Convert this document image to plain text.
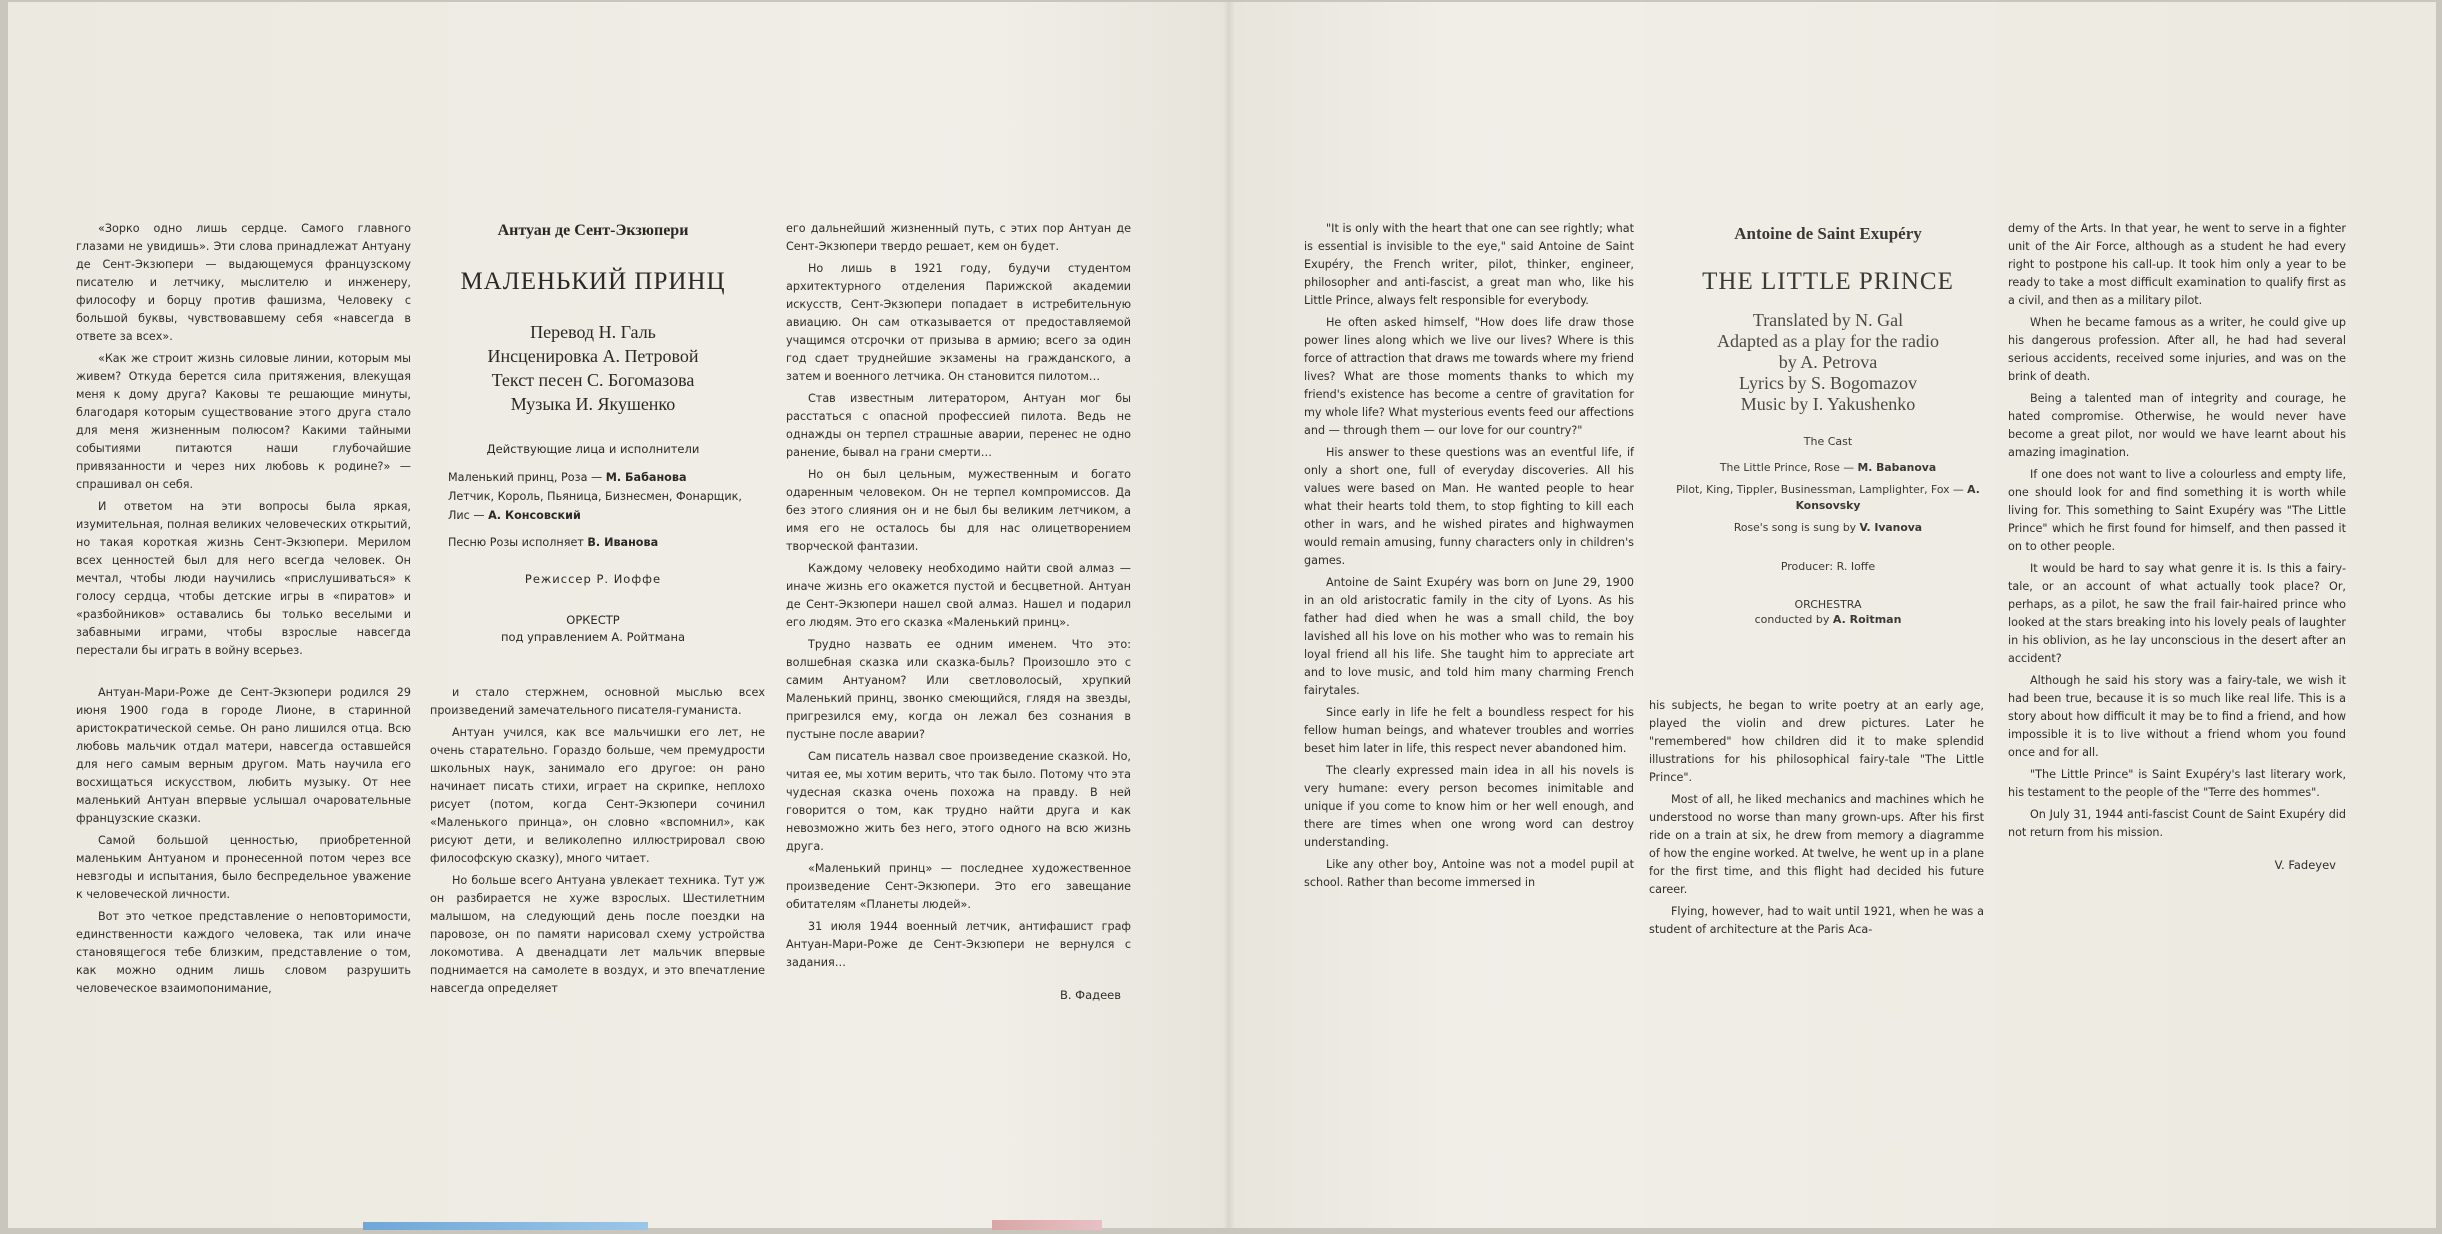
«Зорко одно лишь сердце. Самого главного глазами не увидишь». Эти слова принадлежат Антуану де Сент-Экзюпери — выдающемуся французскому писателю и летчику, мыслителю и инженеру, философу и борцу против фашизма, Человеку с большой буквы, чувствовавшему себя «навсегда в ответе за всех».

«Как же строит жизнь силовые линии, которым мы живем? Откуда берется сила притяжения, влекущая меня к дому друга? Каковы те решающие минуты, благодаря которым существование этого друга стало для меня жизненным полюсом? Какими тайными событиями питаются наши глубочайшие привязанности и через них любовь к родине?» — спрашивал он себя.

И ответом на эти вопросы была яркая, изумительная, полная великих человеческих открытий, но такая короткая жизнь Сент-Экзюпери. Мерилом всех ценностей был для него всегда человек. Он мечтал, чтобы люди научились «прислушиваться» к голосу сердца, чтобы детские игры в «пиратов» и «разбойников» оставались бы только веселыми и забавными играми, чтобы взрослые навсегда перестали бы играть в войну всерьез.

Антуан-Мари-Роже де Сент-Экзюпери родился 29 июня 1900 года в городе Лионе, в старинной аристократической семье. Он рано лишился отца. Всю любовь мальчик отдал матери, навсегда оставшейся для него самым верным другом. Мать научила его восхищаться искусством, любить музыку. От нее маленький Антуан впервые услышал очаровательные французские сказки.

Самой большой ценностью, приобретенной маленьким Антуаном и пронесенной потом через все невзгоды и испытания, было беспредельное уважение к человеческой личности.

Вот это четкое представление о неповторимости, единственности каждого человека, так или иначе становящегося тебе близким, представление о том, как можно одним лишь словом разрушить человеческое взаимопонимание,

Антуан де Сент-Экзюпери
МАЛЕНЬКИЙ ПРИНЦ
Перевод Н. Галь
Инсценировка А. Петровой
Текст песен С. Богомазова
Музыка И. Якушенко
Действующие лица и исполнители
Маленький принц, Роза — М. Бабанова
Летчик, Король, Пьяница, Бизнесмен, Фонарщик, Лис — А. Консовский
Песню Розы исполняет В. Иванова
Режиссер Р. Иоффе
ОРКЕСТР
под управлением А. Ройтмана

и стало стержнем, основной мыслью всех произведений замечательного писателя-гуманиста.

Антуан учился, как все мальчишки его лет, не очень старательно. Гораздо больше, чем премудрости школьных наук, занимало его другое: он рано начинает писать стихи, играет на скрипке, неплохо рисует (потом, когда Сент-Экзюпери сочинил «Маленького принца», он словно «вспомнил», как рисуют дети, и великолепно иллюстрировал свою философскую сказку), много читает.

Но больше всего Антуана увлекает техника. Тут уж он разбирается не хуже взрослых. Шестилетним малышом, на следующий день после поездки на паровозе, он по памяти нарисовал схему устройства локомотива. А двенадцати лет мальчик впервые поднимается на самолете в воздух, и это впечатление навсегда определяет

его дальнейший жизненный путь, с этих пор Антуан де Сент-Экзюпери твердо решает, кем он будет.

Но лишь в 1921 году, будучи студентом архитектурного отделения Парижской академии искусств, Сент-Экзюпери попадает в истребительную авиацию. Он сам отказывается от предоставляемой учащимся отсрочки от призыва в армию; всего за один год сдает труднейшие экзамены на гражданского, а затем и военного летчика. Он становится пилотом…

Став известным литератором, Антуан мог бы расстаться с опасной профессией пилота. Ведь не однажды он терпел страшные аварии, перенес не одно ранение, бывал на грани смерти…

Но он был цельным, мужественным и богато одаренным человеком. Он не терпел компромиссов. Да без этого слияния он и не был бы великим летчиком, а имя его не осталось бы для нас олицетворением творческой фантазии.

Каждому человеку необходимо найти свой алмаз — иначе жизнь его окажется пустой и бесцветной. Антуан де Сент-Экзюпери нашел свой алмаз. Нашел и подарил его людям. Это его сказка «Маленький принц».

Трудно назвать ее одним именем. Что это: волшебная сказка или сказка-быль? Произошло это с самим Антуаном? Или светловолосый, хрупкий Маленький принц, звонко смеющийся, глядя на звезды, пригрезился ему, когда он лежал без сознания в пустыне после аварии?

Сам писатель назвал свое произведение сказкой. Но, читая ее, мы хотим верить, что так было. Потому что эта чудесная сказка очень похожа на правду. В ней говорится о том, как трудно найти друга и как невозможно жить без него, этого одного на всю жизнь друга.

«Маленький принц» — последнее художественное произведение Сент-Экзюпери. Это его завещание обитателям «Планеты людей».

31 июля 1944 военный летчик, антифашист граф Антуан-Мари-Роже де Сент-Экзюпери не вернулся с задания…

В. Фадеев

"It is only with the heart that one can see rightly; what is essential is invisible to the eye," said Antoine de Saint Exupéry, the French writer, pilot, thinker, engineer, philosopher and anti-fascist, a great man who, like his Little Prince, always felt responsible for everybody.

He often asked himself, "How does life draw those power lines along which we live our lives? Where is this force of attraction that draws me towards where my friend lives? What are those moments thanks to which my friend's existence has become a centre of gravitation for my whole life? What mysterious events feed our affections and — through them — our love for our country?"

His answer to these questions was an eventful life, if only a short one, full of everyday discoveries. All his values were based on Man. He wanted people to hear what their hearts told them, to stop fighting to kill each other in wars, and he wished pirates and highwaymen would remain amusing, funny characters only in children's games.

Antoine de Saint Exupéry was born on June 29, 1900 in an old aristocratic family in the city of Lyons. As his father had died when he was a small child, the boy lavished all his love on his mother who was to remain his loyal friend all his life. She taught him to appreciate art and to love music, and told him many charming French fairytales.

Since early in life he felt a boundless respect for his fellow human beings, and whatever troubles and worries beset him later in life, this respect never abandoned him.

The clearly expressed main idea in all his novels is very humane: every person becomes inimitable and unique if you come to know him or her well enough, and there are times when one wrong word can destroy understanding.

Like any other boy, Antoine was not a model pupil at school. Rather than become immersed in

Antoine de Saint Exupéry
THE LITTLE PRINCE
Translated by N. Gal
Adapted as a play for the radio
by A. Petrova
Lyrics by S. Bogomazov
Music by I. Yakushenko
The Cast
The Little Prince, Rose — M. Babanova
Pilot, King, Tippler, Businessman, Lamplighter, Fox — A. Konsovsky
Rose's song is sung by V. Ivanova
Producer: R. Ioffe
ORCHESTRA
conducted by A. Roitman

his subjects, he began to write poetry at an early age, played the violin and drew pictures. Later he "remembered" how children did it to make splendid illustrations for his philosophical fairy-tale "The Little Prince".

Most of all, he liked mechanics and machines which he understood no worse than many grown-ups. After his first ride on a train at six, he drew from memory a diagramme of how the engine worked. At twelve, he went up in a plane for the first time, and this flight had decided his future career.

Flying, however, had to wait until 1921, when he was a student of architecture at the Paris Aca-

demy of the Arts. In that year, he went to serve in a fighter unit of the Air Force, although as a student he had every right to postpone his call-up. It took him only a year to be ready to take a most difficult examination to qualify first as a civil, and then as a military pilot.

When he became famous as a writer, he could give up his dangerous profession. After all, he had had several serious accidents, received some injuries, and was on the brink of death.

Being a talented man of integrity and courage, he hated compromise. Otherwise, he would never have become a great pilot, nor would we have learnt about his amazing imagination.

If one does not want to live a colourless and empty life, one should look for and find something it is worth while living for. This something to Saint Exupéry was "The Little Prince" which he first found for himself, and then passed it on to other people.

It would be hard to say what genre it is. Is this a fairy-tale, or an account of what actually took place? Or, perhaps, as a pilot, he saw the frail fair-haired prince who looked at the stars breaking into his lovely peals of laughter in his oblivion, as he lay unconscious in the desert after an accident?

Although he said his story was a fairy-tale, we wish it had been true, because it is so much like real life. This is a story about how difficult it may be to find a friend, and how impossible it is to live without a friend whom you found once and for all.

"The Little Prince" is Saint Exupéry's last literary work, his testament to the people of the "Terre des hommes".

On July 31, 1944 anti-fascist Count de Saint Exupéry did not return from his mission.

V. Fadeyev
